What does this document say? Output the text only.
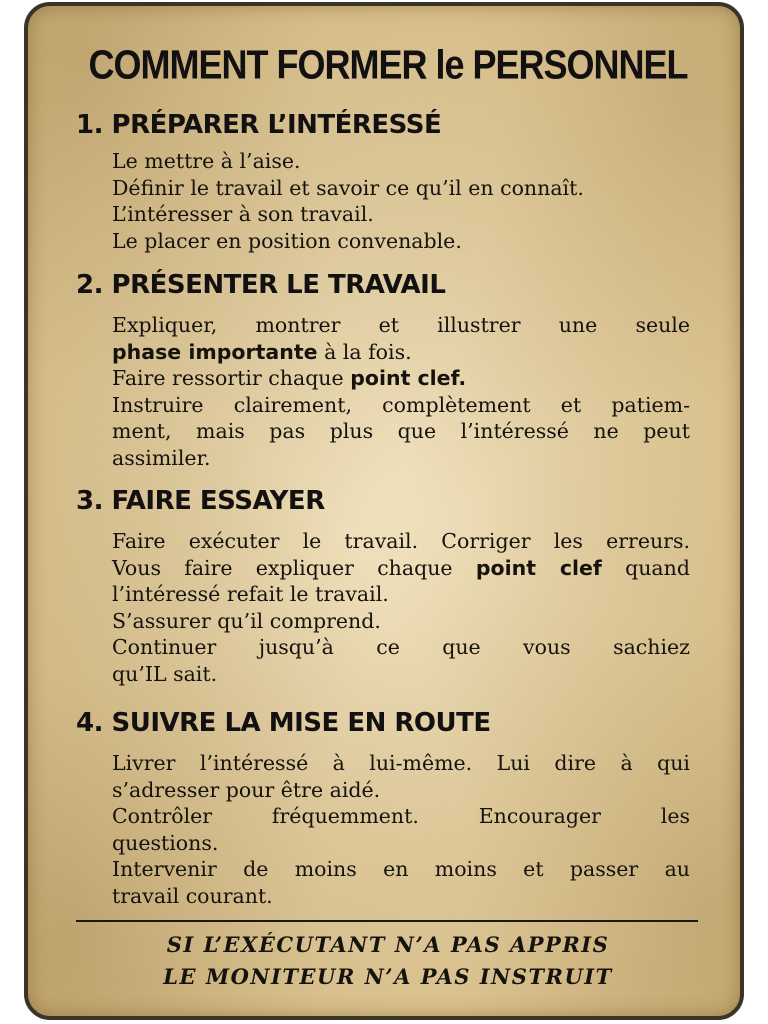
COMMENT FORMER le PERSONNEL
1. PRÉPARER L’INTÉRESSÉ
Le mettre à l’aise.
Définir le travail et savoir ce qu’il en connaît.
L’intéresser à son travail.
Le placer en position convenable.
2. PRÉSENTER LE TRAVAIL
Expliquer, montrer et illustrer une seule
phase importante à la fois.
Faire ressortir chaque point clef.
Instruire clairement, complètement et patiem-
ment, mais pas plus que l’intéressé ne peut
assimiler.
3. FAIRE ESSAYER
Faire exécuter le travail. Corriger les erreurs.
Vous faire expliquer chaque point clef quand
l’intéressé refait le travail.
S’assurer qu’il comprend.
Continuer jusqu’à ce que vous sachiez
qu’IL sait.
4. SUIVRE LA MISE EN ROUTE
Livrer l’intéressé à lui-même. Lui dire à qui
s’adresser pour être aidé.
Contrôler fréquemment. Encourager les
questions.
Intervenir de moins en moins et passer au
travail courant.
SI L’EXÉCUTANT N’A PAS APPRIS
LE MONITEUR N’A PAS INSTRUIT
